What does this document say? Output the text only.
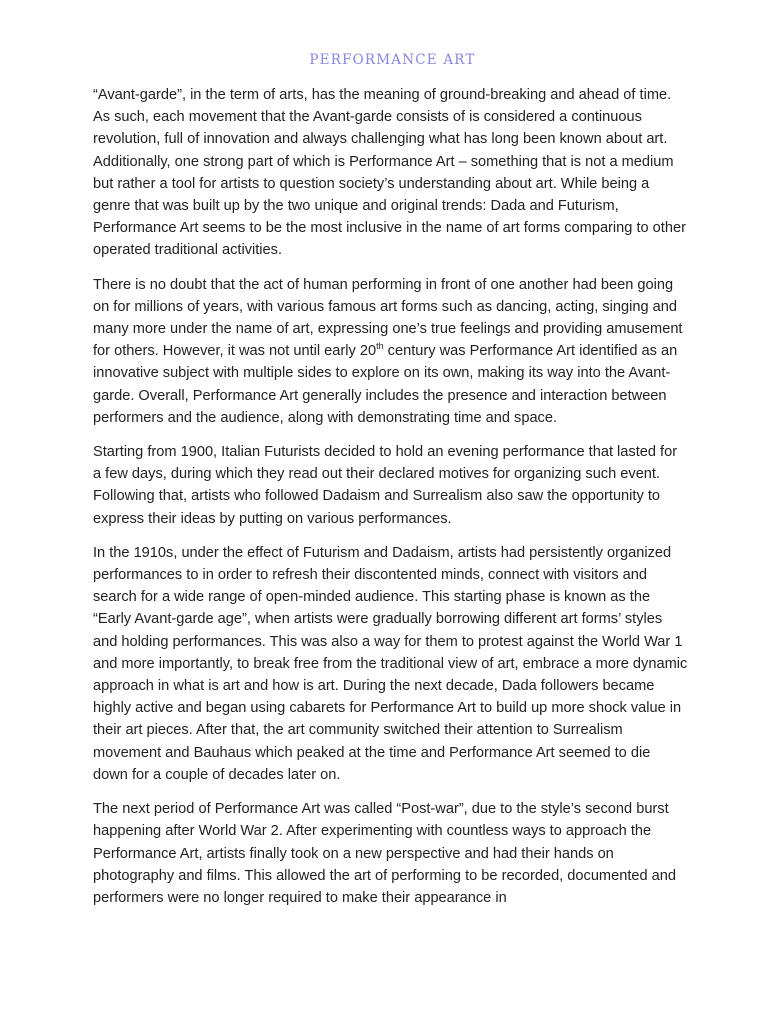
PERFORMANCE ART

“Avant-garde”, in the term of arts, has the meaning of ground-breaking and ahead of time. As such, each movement that the Avant-garde consists of is considered a continuous revolution, full of innovation and always challenging what has long been known about art. Additionally, one strong part of which is Performance Art – something that is not a medium but rather a tool for artists to question society’s understanding about art. While being a genre that was built up by the two unique and original trends: Dada and Futurism, Performance Art seems to be the most inclusive in the name of art forms comparing to other operated traditional activities.

There is no doubt that the act of human performing in front of one another had been going on for millions of years, with various famous art forms such as dancing, acting, singing and many more under the name of art, expressing one’s true feelings and providing amusement for others. However, it was not until early 20th century was Performance Art identified as an innovative subject with multiple sides to explore on its own, making its way into the Avant-garde. Overall, Performance Art generally includes the presence and interaction between performers and the audience, along with demonstrating time and space.

Starting from 1900, Italian Futurists decided to hold an evening performance that lasted for a few days, during which they read out their declared motives for organizing such event. Following that, artists who followed Dadaism and Surrealism also saw the opportunity to express their ideas by putting on various performances.

In the 1910s, under the effect of Futurism and Dadaism, artists had persistently organized performances to in order to refresh their discontented minds, connect with visitors and search for a wide range of open-minded audience. This starting phase is known as the “Early Avant-garde age”, when artists were gradually borrowing different art forms’ styles and holding performances. This was also a way for them to protest against the World War 1 and more importantly, to break free from the traditional view of art, embrace a more dynamic approach in what is art and how is art. During the next decade, Dada followers became highly active and began using cabarets for Performance Art to build up more shock value in their art pieces. After that, the art community switched their attention to Surrealism movement and Bauhaus which peaked at the time and Performance Art seemed to die down for a couple of decades later on.

The next period of Performance Art was called “Post-war”, due to the style’s second burst happening after World War 2. After experimenting with countless ways to approach the Performance Art, artists finally took on a new perspective and had their hands on photography and films. This allowed the art of performing to be recorded, documented and performers were no longer required to make their appearance in
